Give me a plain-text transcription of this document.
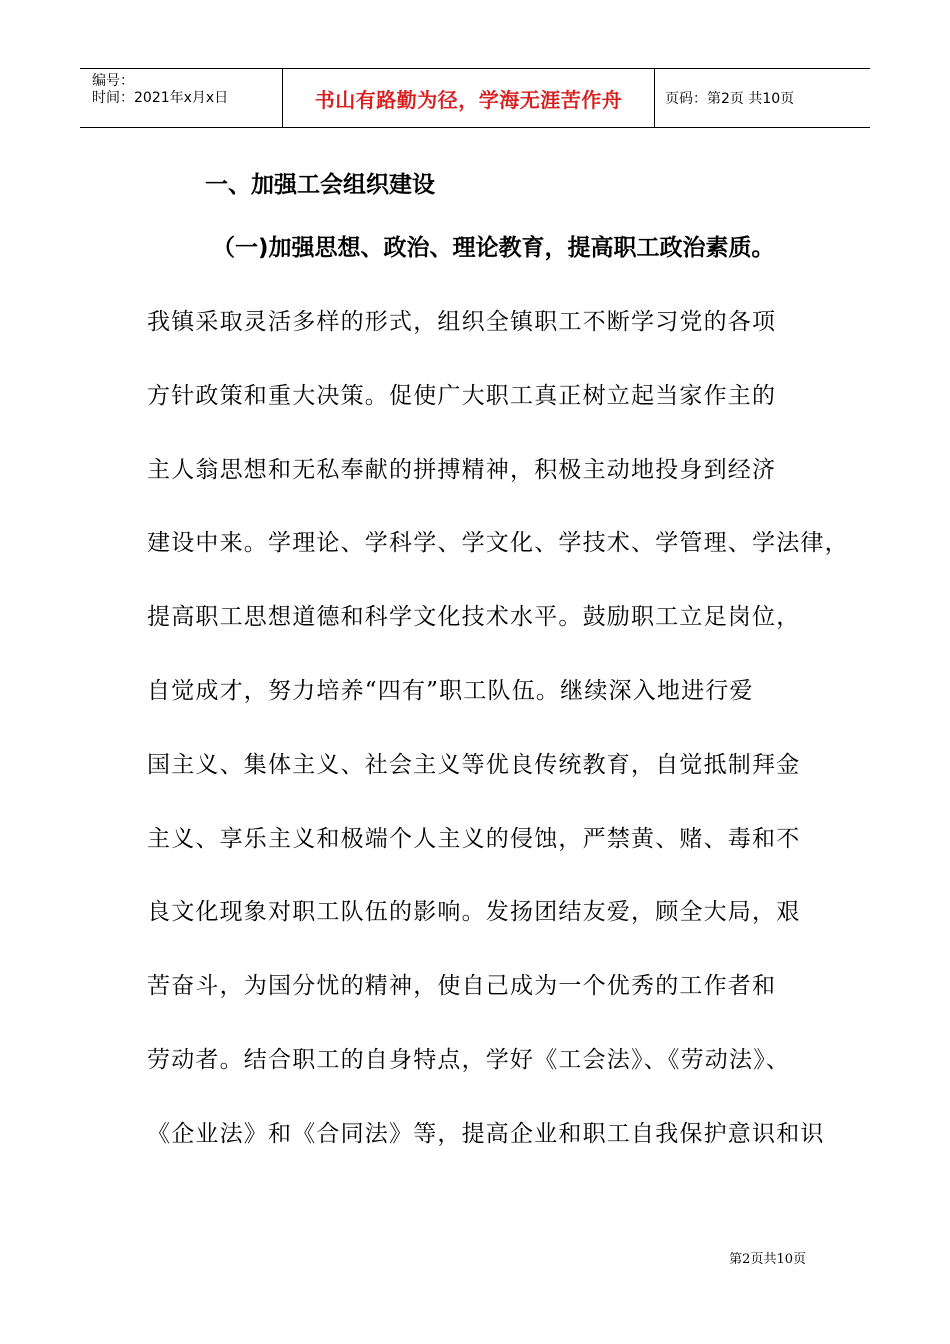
编号：
时间：2021年x月x日	书山有路勤为径，学海无涯苦作舟	页码：第2页 共10页
一、加强工会组织建设
（一)加强思想、政治、理论教育，提高职工政治素质。
我镇采取灵活多样的形式，组织全镇职工不断学习党的各项
方针政策和重大决策。促使广大职工真正树立起当家作主的
主人翁思想和无私奉献的拼搏精神，积极主动地投身到经济
建设中来。学理论、学科学、学文化、学技术、学管理、学法律，
提高职工思想道德和科学文化技术水平。鼓励职工立足岗位，
自觉成才，努力培养“四有”职工队伍。继续深入地进行爱
国主义、集体主义、社会主义等优良传统教育，自觉抵制拜金
主义、享乐主义和极端个人主义的侵蚀，严禁黄、赌、毒和不
良文化现象对职工队伍的影响。发扬团结友爱，顾全大局，艰
苦奋斗，为国分忧的精神，使自己成为一个优秀的工作者和
劳动者。结合职工的自身特点，学好《工会法》、《劳动法》、
《企业法》和《合同法》等，提高企业和职工自我保护意识和识
第2页共10页
